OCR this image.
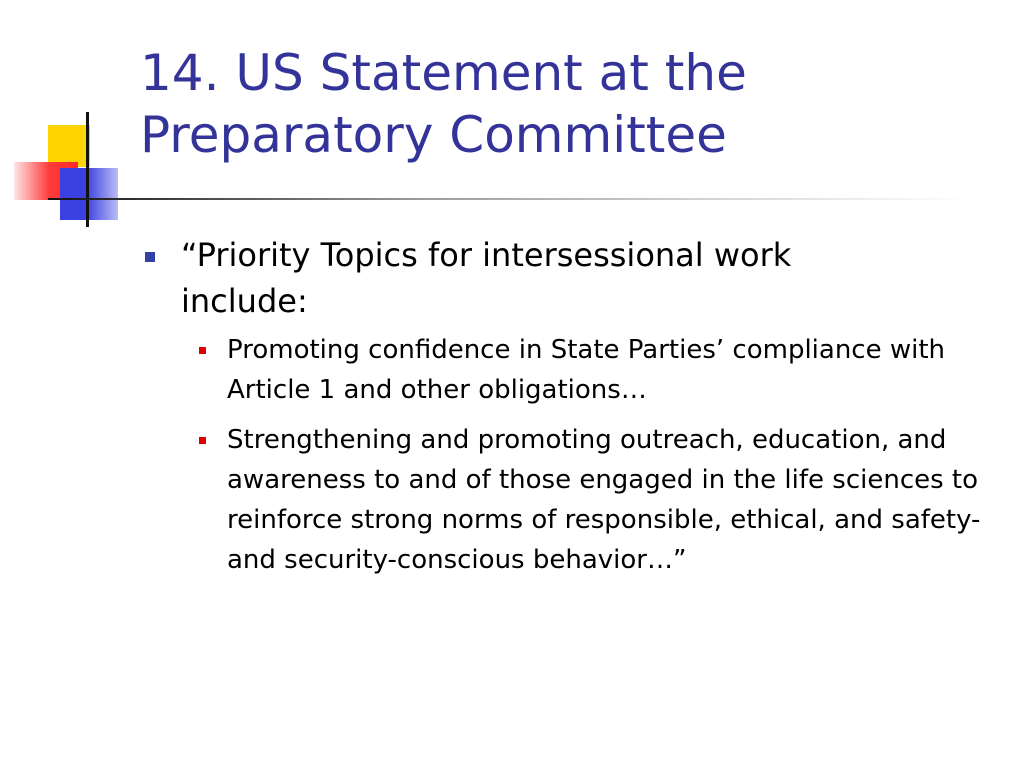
14. US Statement at the Preparatory Committee
“Priority Topics for intersessional work include:
Promoting confidence in State Parties’ compliance with Article 1 and other obligations…
Strengthening and promoting outreach, education, and awareness to and of those engaged in the life sciences to reinforce strong norms of responsible, ethical, and safety- and security-conscious behavior…”
